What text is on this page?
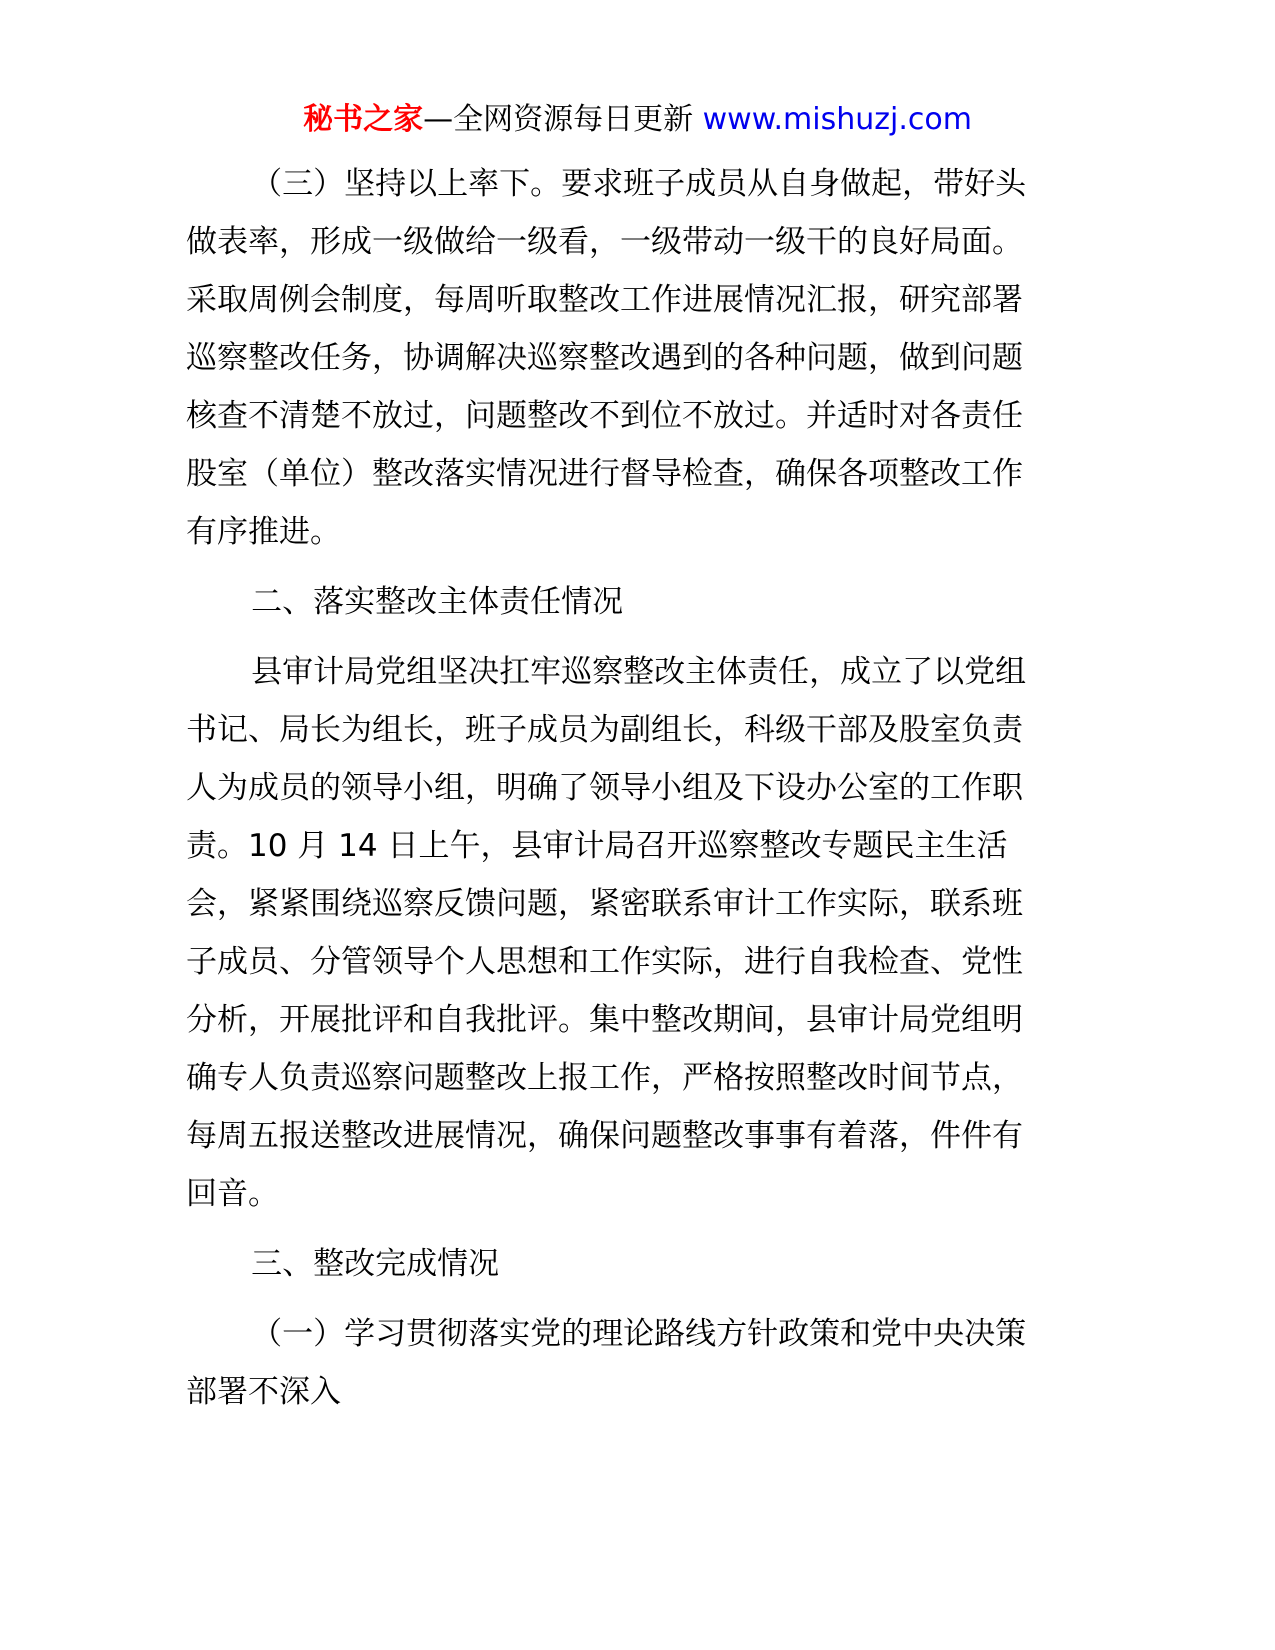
秘书之家—全网资源每日更新 www.mishuzj.com

（三）坚持以上率下。要求班子成员从自身做起，带好头
做表率，形成一级做给一级看，一级带动一级干的良好局面。
采取周例会制度，每周听取整改工作进展情况汇报，研究部署
巡察整改任务，协调解决巡察整改遇到的各种问题，做到问题
核查不清楚不放过，问题整改不到位不放过。并适时对各责任
股室（单位）整改落实情况进行督导检查，确保各项整改工作
有序推进。

二、落实整改主体责任情况

县审计局党组坚决扛牢巡察整改主体责任，成立了以党组
书记、局长为组长，班子成员为副组长，科级干部及股室负责
人为成员的领导小组，明确了领导小组及下设办公室的工作职
责。10 月 14 日上午，县审计局召开巡察整改专题民主生活
会，紧紧围绕巡察反馈问题，紧密联系审计工作实际，联系班
子成员、分管领导个人思想和工作实际，进行自我检查、党性
分析，开展批评和自我批评。集中整改期间，县审计局党组明
确专人负责巡察问题整改上报工作，严格按照整改时间节点，
每周五报送整改进展情况，确保问题整改事事有着落，件件有
回音。

三、整改完成情况

（一）学习贯彻落实党的理论路线方针政策和党中央决策
部署不深入
